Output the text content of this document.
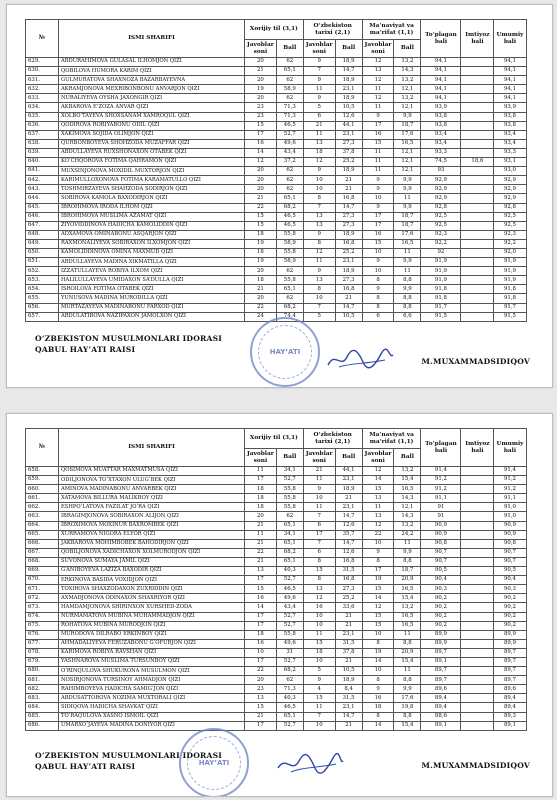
№	ISMI SHARIFI	Xorijiy til (3,1)		O‘zbekiston tarixi (2,1)		Ma’naviyat va ma’rifat (1,1)		To‘plagan bali	Imtiyoz bali	Umumiy bali
		Javoblar soni	Ball	Javoblar soni	Ball	Javoblar soni	Ball			
629.	ABDURAHIMOVA GULASAL ILHOMJON QIZI	20	62	9	18,9	12	13,2	94,1		94,1
630.	QOBILOVA HUMORA KARIM QIZI	21	65,1	7	14,7	13	14,3	94,1		94,1
631.	GULMURATOVA SHAXNOZA BAZARBAYEVNA	20	62	9	18,9	12	13,2	94,1		94,1
632.	AKRAMJONOVA MEXRIBONBONU ANVARJON QIZI	19	58,9	11	23,1	11	12,1	94,1		94,1
633.	NURALIYEVA OYSHA JAXONGIR QIZI	20	62	9	18,9	12	13,2	94,1		94,1
634.	AKBAROVA E’ZOZA ANVAR QIZI	23	71,3	5	10,5	11	12,1	93,9		93,9
635.	XOLBO‘TAYEVA SHOXSANAM XAMROQUL QIZI	23	71,3	6	12,6	9	9,9	93,8		93,8
636.	QODIROVA ROBIYABONU ODIL QIZI	15	46,5	21	44,1	17	18,7	93,8		93,8
637.	XAKIMOVA SOJIDA OLIMJON QIZI	17	52,7	11	23,1	16	17,6	93,4		93,4
638.	QURBONBOYEVA SHOHZODA MUZAFFAR QIZI	16	49,6	13	27,3	15	16,5	93,4		93,4
639.	ABDULLAYEVA RUXSHONAXON OTABEK QIZI	14	43,4	18	37,8	11	12,1	93,3		93,3
640.	KO‘CHQOROVA FOTIMA QAHRAMON QIZI	12	37,2	12	25,2	11	12,1	74,5	18,6	93,1
641.	MUXSINJONOVA MOXIDIL MUXTORJON QIZI	20	62	9	18,9	11	12,1	93		93,0
642.	KARIMULLOXONOVA FOTIMA KARAMATULLO QIZI	20	62	10	21	9	9,9	92,9		92,9
643.	TOSHMIRZAYEVA SHAHZODA SODIRJON QIZI	20	62	10	21	9	9,9	92,9		92,9
644.	SOBIROVA KAMOLA BAXODIRJON QIZI	21	65,1	8	16,8	10	11	92,9		92,9
645.	IBROHIMOVA IRODA ILHOM QIZI	22	68,2	7	14,7	9	9,9	92,8		92,8
646.	IBROHIMOVA MUSLIMA AZAMAT QIZI	15	46,5	13	27,3	17	18,7	92,5		92,5
647.	ZIYOVIDDINOVA HADICHA KAMOLIDDIN QIZI	15	46,5	13	27,3	17	18,7	92,5		92,5
648.	ADXAMOVA OMINABONU ASQARJON QIZI	18	55,8	9	18,9	16	17,6	92,3		92,3
649.	RAXMONALIYEVA SOBIRAXON ILXOMJON QIZI	19	58,9	8	16,8	15	16,5	92,2		92,2
650.	KAMOLIDDINOVA OMINA MAXMUD QIZI	18	55,8	12	25,2	10	11	92		92,0
651.	ABDULLAYEVA MADINA XIKMATILLA QIZI	19	58,9	11	23,1	9	9,9	91,9		91,9
652.	IZZATULLAYEVA ROBIYA ILXOM QIZI	20	62	9	18,9	10	11	91,9		91,9
653.	HALILULLAYEVA UMIDAXON SA’DULLA QIZI	18	55,8	13	27,3	8	8,8	91,9		91,9
654.	ISROILOVA FOTIMA OTABEK QIZI	21	65,1	8	16,8	9	9,9	91,8		91,8
655.	YUNUSOVA MADINA MURODILLA QIZI	20	62	10	21	8	8,8	91,8		91,8
656.	MURTAZAYEVA MADINABONU FARXOD QIZI	22	68,2	7	14,7	8	8,8	91,7		91,7
657.	ABDULATIBOVA NAZIPAXON JAMOLXON QIZI	24	74,4	5	10,5	6	6,6	91,5		91,5
HAY’ATI
O‘ZBEKISTON MUSULMONLARI IDORASI
QABUL HAY’ATI RAISI
M.MUXAMMADSIDIQOV
№	ISMI SHARIFI	Xorijiy til (3,1)		O‘zbekiston tarixi (2,1)		Ma’naviyat va ma’rifat (1,1)		To‘plagan bali	Imtiyoz bali	Umumiy bali
		Javoblar soni	Ball	Javoblar soni	Ball	Javoblar soni	Ball			
658.	QOSIMOVA MUATTAR MAXMATMUSA QIZI	11	34,1	21	44,1	12	13,2	91,4		91,4
659.	ODILJONOVA TO‘XTAXON ULUG‘BEK QIZI	17	52,7	11	23,1	14	15,4	91,2		91,2
660.	AMINOVA MADINABONU ANVARBEK QIZI	18	55,8	9	18,9	15	16,5	91,2		91,2
661.	XATAMOVA BILLURA MALIKBOY QIZI	18	55,8	10	21	13	14,3	91,1		91,1
662.	ESHPO‘LATOVA FAZILAT JO‘RA QIZI	18	55,8	11	23,1	11	12,1	91		91,0
663.	IBRAGIMJONOVA SOBIRAXON ALIJON QIZI	20	62	7	14,7	13	14,3	91		91,0
664.	IBROXIMOVA MOXINUR BAXROMBEK QIZI	21	65,1	6	12,6	12	13,2	90,9		90,9
665.	XURRAMOVA NIGORA ELYOR QIZI	11	34,1	17	35,7	22	24,2	90,9		90,9
666.	JAKBAROVA MOHIMBOBEK BAHODIRJON QIZI	21	65,1	7	14,7	10	11	90,8		90,8
667.	QOBILJONOVA XADICHAXON XOLMURODJON QIZI	22	68,2	6	12,6	9	9,9	90,7		90,7
668.	SUVONOVA SUMAYA JAMIL QIZI	21	65,1	8	16,8	8	8,8	90,7		90,7
669.	G‘ANIBOYEVA LAZIZA BAXODIR QIZI	13	40,3	15	31,5	17	18,7	90,5		90,5
670.	ERKINOVA BASIDA VOXIDJON QIZI	17	52,7	8	16,8	19	20,9	90,4		90,4
671.	TOXIROVA SHAXZODAXON ZUXRIDDIN QIZI	15	46,5	13	27,3	15	16,5	90,3		90,3
672.	AXMADJONOVA ODINAXON SHAXRIYOR QIZI	16	49,6	12	25,2	14	15,4	90,2		90,2
673.	HAMDAMJONOVA SHIRINXON XURSHED-ZODA	14	43,4	16	33,6	12	13,2	90,2		90,2
674.	NURMAMATOVA MUBINA MUHAMMADJON QIZI	17	52,7	10	21	15	16,5	90,2		90,2
675.	ROHATOVA MUBINA MURODJON QIZI	17	52,7	10	21	15	16,5	90,2		90,2
676.	MURODOVA DILRABO ERKINBOY QIZI	18	55,8	11	23,1	10	11	89,9		89,9
677.	AHMADALIYEVA FERUZABONU G‘OFURJON QIZI	16	49,6	15	31,5	8	8,8	89,9		89,9
678.	KARIMOVA ROBIYA RAVSHAN QIZI	10	31	18	37,8	19	20,9	89,7		89,7
679.	YASHNAROVA MUSLIMA TURSUNBOY QIZI	17	52,7	10	21	14	15,4	89,1		89,7
680.	O‘RINQULOVA SHUKURONA MUSULMON QIZI	22	68,2	5	10,5	10	11	89,7		89,7
681.	NOSIRJONOVA TURSINOY AHMADJON QIZI	20	62	9	18,9	8	8,8	89,7		89,7
682.	RAHIMBOYEVA HADICHA SAMIG‘JON QIZI	23	71,3	4	8,4	9	9,9	89,6		89,6
683.	ABDUSATTOROVA NOZIMA MUXTORALI QIZI	13	40,3	15	31,5	16	17,6	89,4		89,4
684.	SIDIQOVA HADICHA SHAVKAT QIZI	15	46,5	11	23,1	18	19,8	89,4		89,4
685.	TO‘RAQULOVA XASNO ISMOIL QIZI	21	65,1	7	14,7	8	8,8	88,6		89,3
686.	UMARXO‘JAYEVA MADINA DONIYOR QIZI	17	52,7	10	21	14	15,4	89,1		89,1
HAY’ATI
O‘ZBEKISTON MUSULMONLARI IDORASI
QABUL HAY’ATI RAISI	M.MUXAMMADSIDIQOV
